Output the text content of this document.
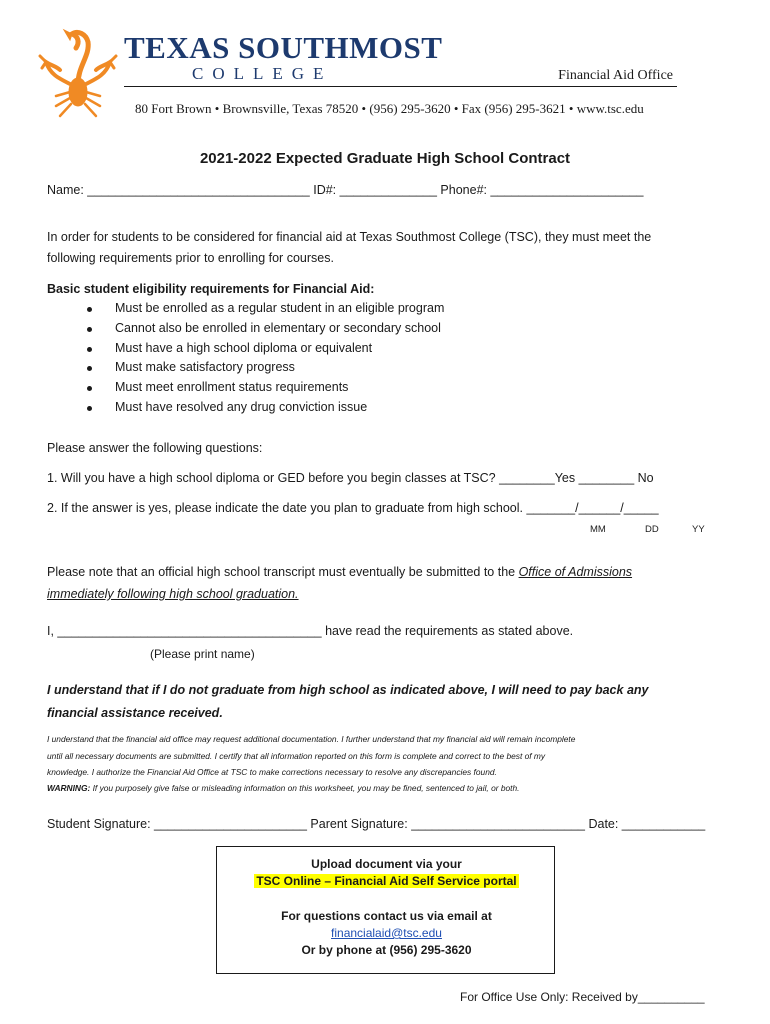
TEXAS SOUTHMOST
COLLEGE	Financial Aid Office
80 Fort Brown • Brownsville, Texas 78520 • (956) 295-3620 • Fax (956) 295-3621 • www.tsc.edu
2021-2022 Expected Graduate High School Contract
Name: ________________________________ ID#: ______________ Phone#: ______________________
In order for students to be considered for financial aid at Texas Southmost College (TSC), they must meet the
following requirements prior to enrolling for courses.
Basic student eligibility requirements for Financial Aid:
Must be enrolled as a regular student in an eligible program
Cannot also be enrolled in elementary or secondary school
Must have a high school diploma or equivalent
Must make satisfactory progress
Must meet enrollment status requirements
Must have resolved any drug conviction issue
Please answer the following questions:
1. Will you have a high school diploma or GED before you begin classes at TSC? ________Yes ________ No
2. If the answer is yes, please indicate the date you plan to graduate from high school. _______/______/_____
MM	DD	YY
Please note that an official high school transcript must eventually be submitted to the Office of Admissions
immediately following high school graduation.
I, ______________________________________ have read the requirements as stated above.
(Please print name)
I understand that if I do not graduate from high school as indicated above, I will need to pay back any
financial assistance received.
I understand that the financial aid office may request additional documentation. I further understand that my financial aid will remain incomplete
until all necessary documents are submitted. I certify that all information reported on this form is complete and correct to the best of my
knowledge. I authorize the Financial Aid Office at TSC to make corrections necessary to resolve any discrepancies found.
WARNING: If you purposely give false or misleading information on this worksheet, you may be fined, sentenced to jail, or both.
Student Signature: ______________________ Parent Signature: _________________________ Date: ____________
Upload document via your
TSC Online – Financial Aid Self Service portal
For questions contact us via email at
financialaid@tsc.edu
Or by phone at (956) 295-3620
For Office Use Only: Received by__________
